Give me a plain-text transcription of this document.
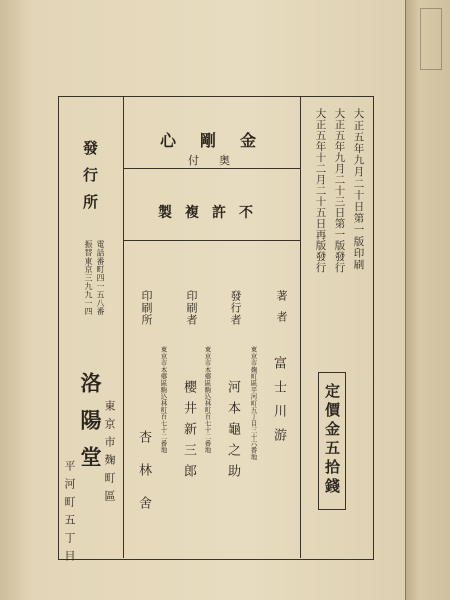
大正五年九月二十日第一版印刷
大正五年九月二十三日第一版發行
大正五年十二月二十五日再版發行
定價金五拾錢
金剛心
奥付
不許複製
著者
發行者
印刷者
印刷所
東京市麹町區平河町五丁目三十六番地
東京市本郷區駒込林町百七十二番地
東京市本郷區駒込林町百七十二番地	富士川游
河本龜之助
櫻井新三郎
杏林舍
發行所
電話番町四一五八番
振替東京三九九一四
東京市麹町區
平河町五丁目
洛陽堂
